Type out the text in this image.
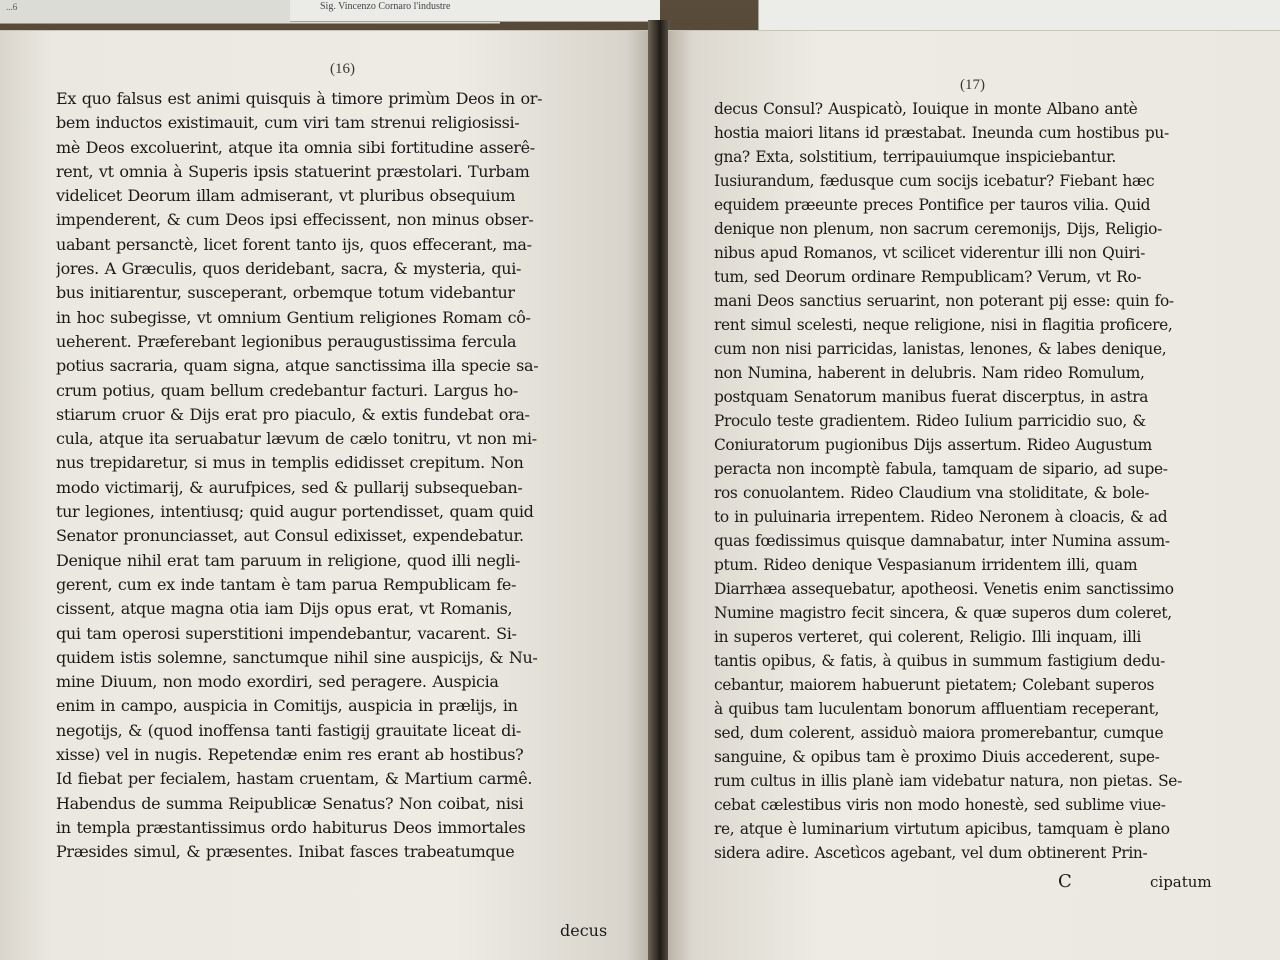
...6	Sig. Vincenzo Cornaro l'industre
(16)
Ex quo falsus est animi quisquis à timore primùm Deos in or-
bem inductos existimauit, cum viri tam strenui religiosissi-
mè Deos excoluerint, atque ita omnia sibi fortitudine asserê-
rent, vt omnia à Superis ipsis statuerint præstolari. Turbam
videlicet Deorum illam admiserant, vt pluribus obsequium
impenderent, & cum Deos ipsi effecissent, non minus obser-
uabant persanctè, licet forent tanto ijs, quos effecerant, ma-
jores. A Græculis, quos deridebant, sacra, & mysteria, qui-
bus initiarentur, susceperant, orbemque totum videbantur
in hoc subegisse, vt omnium Gentium religiones Romam cô-
ueherent. Præferebant legionibus peraugustissima fercula
potius sacraria, quam signa, atque sanctissima illa specie sa-
crum potius, quam bellum credebantur facturi. Largus ho-
stiarum cruor & Dijs erat pro piaculo, & extis fundebat ora-
cula, atque ita seruabatur lævum de cælo tonitru, vt non mi-
nus trepidaretur, si mus in templis edidisset crepitum. Non
modo victimarij, & aurufpices, sed & pullarij subsequeban-
tur legiones, intentiusq; quid augur portendisset, quam quid
Senator pronunciasset, aut Consul edixisset, expendebatur.
Denique nihil erat tam paruum in religione, quod illi negli-
gerent, cum ex inde tantam è tam parua Rempublicam fe-
cissent, atque magna otia iam Dijs opus erat, vt Romanis,
qui tam operosi superstitioni impendebantur, vacarent. Si-
quidem istis solemne, sanctumque nihil sine auspicijs, & Nu-
mine Diuum, non modo exordiri, sed peragere. Auspicia
enim in campo, auspicia in Comitijs, auspicia in prælijs, in
negotijs, & (quod inoffensa tanti fastigij grauitate liceat di-
xisse) vel in nugis. Repetendæ enim res erant ab hostibus?
Id fiebat per fecialem, hastam cruentam, & Martium carmê.
Habendus de summa Reipublicæ Senatus? Non coibat, nisi
in templa præstantissimus ordo habiturus Deos immortales
Præsides simul, & præsentes. Inibat fasces trabeatumque
decus
(17)
decus Consul? Auspicatò, Iouique in monte Albano antè
hostia maiori litans id præstabat. Ineunda cum hostibus pu-
gna? Exta, solstitium, terripauiumque inspiciebantur.
Iusiurandum, fædusque cum socijs icebatur? Fiebant hæc
equidem præeunte preces Pontifice per tauros vilia. Quid
denique non plenum, non sacrum ceremonijs, Dijs, Religio-
nibus apud Romanos, vt scilicet viderentur illi non Quiri-
tum, sed Deorum ordinare Rempublicam? Verum, vt Ro-
mani Deos sanctius seruarint, non poterant pij esse: quin fo-
rent simul scelesti, neque religione, nisi in flagitia proficere,
cum non nisi parricidas, lanistas, lenones, & labes denique,
non Numina, haberent in delubris. Nam rideo Romulum,
postquam Senatorum manibus fuerat discerptus, in astra
Proculo teste gradientem. Rideo Iulium parricidio suo, &
Coniuratorum pugionibus Dijs assertum. Rideo Augustum
peracta non incomptè fabula, tamquam de sipario, ad supe-
ros conuolantem. Rideo Claudium vna stoliditate, & bole-
to in puluinaria irrepentem. Rideo Neronem à cloacis, & ad
quas fœdissimus quisque damnabatur, inter Numina assum-
ptum. Rideo denique Vespasianum irridentem illi, quam
Diarrhæa assequebatur, apotheosi. Venetis enim sanctissimo
Numine magistro fecit sincera, & quæ superos dum coleret,
in superos verteret, qui colerent, Religio. Illi inquam, illi
tantis opibus, & fatis, à quibus in summum fastigium dedu-
cebantur, maiorem habuerunt pietatem; Colebant superos
à quibus tam luculentam bonorum affluentiam receperant,
sed, dum colerent, assiduò maiora promerebantur, cumque
sanguine, & opibus tam è proximo Diuis accederent, supe-
rum cultus in illis planè iam videbatur natura, non pietas. Se-
cebat cælestibus viris non modo honestè, sed sublime viue-
re, atque è luminarium virtutum apicibus, tamquam è plano
sidera adire. Ascetìcos agebant, vel dum obtinerent Prin-
C	cipatum
